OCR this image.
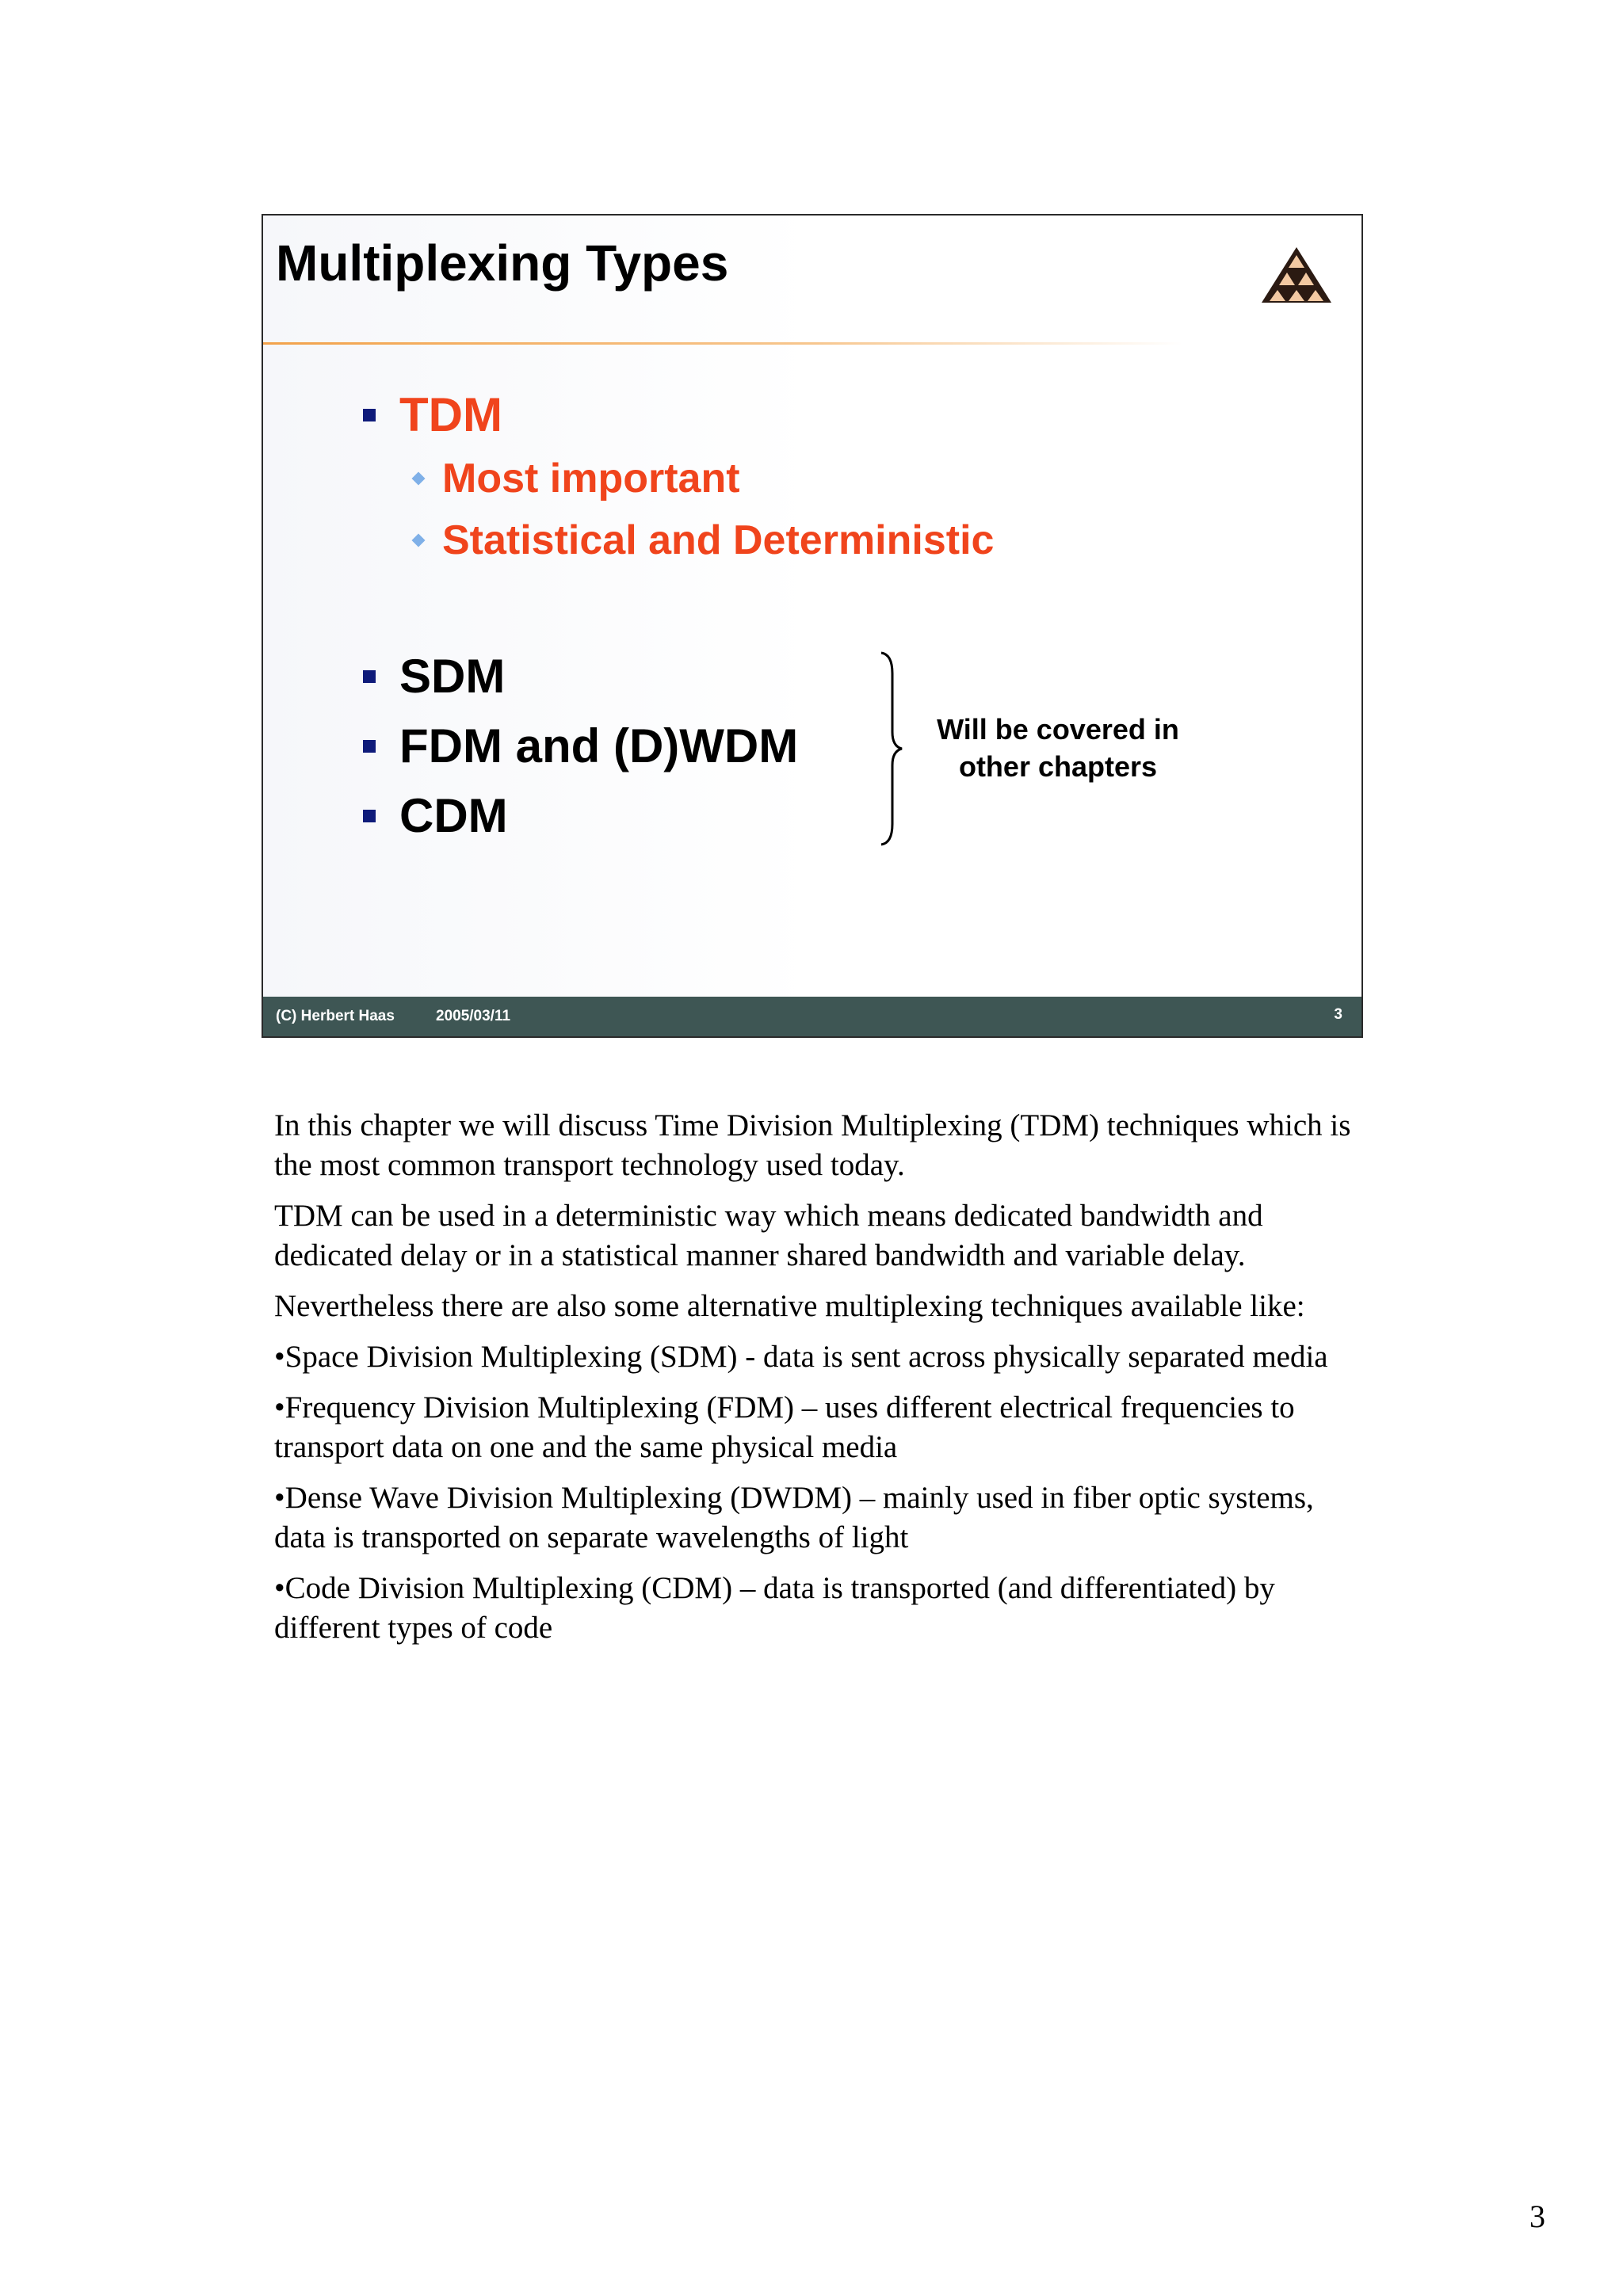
Multiplexing Types
TDM
Most important
Statistical and Deterministic
SDM
FDM and (D)WDM
CDM
Will be covered in
other chapters
(C) Herbert Haas	2005/03/11	3

In this chapter we will discuss Time Division Multiplexing (TDM) techniques which is the most common transport technology used today.

TDM can be used in a deterministic way which means dedicated bandwidth and dedicated delay or in a statistical manner shared bandwidth and variable delay.

Nevertheless there are also some alternative multiplexing techniques available like:

•Space Division Multiplexing (SDM) - data is sent across physically separated media

•Frequency Division Multiplexing (FDM) – uses different electrical frequencies to transport data on one and the same physical media

•Dense Wave Division Multiplexing (DWDM) – mainly used in fiber optic systems, data is transported on separate wavelengths of light

•Code Division Multiplexing (CDM) – data is transported (and differentiated) by different types of code

3
